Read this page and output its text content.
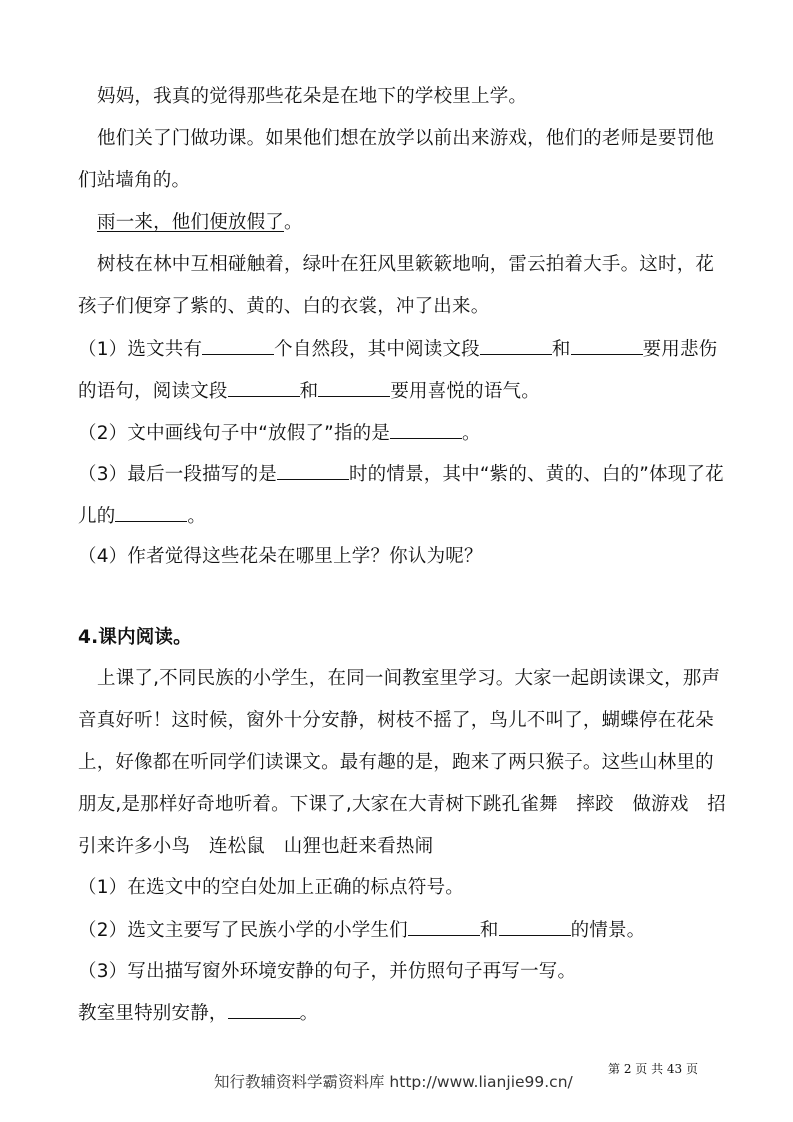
妈妈，我真的觉得那些花朵是在地下的学校里上学。
他们关了门做功课。如果他们想在放学以前出来游戏，他们的老师是要罚他
们站墙角的。
雨一来，他们便放假了。
树枝在林中互相碰触着，绿叶在狂风里簌簌地响，雷云拍着大手。这时，花
孩子们便穿了紫的、黄的、白的衣裳，冲了出来。
（1）选文共有	个自然段，其中阅读文段	和	要用悲伤
的语句，阅读文段	和	要用喜悦的语气。
（2）文中画线句子中“放假了”指的是	。
（3）最后一段描写的是	时的情景，其中“紫的、黄的、白的”体现了花
儿的	。
（4）作者觉得这些花朵在哪里上学？你认为呢？
4.课内阅读。
上课了,不同民族的小学生，在同一间教室里学习。大家一起朗读课文，那声
音真好听！这时候，窗外十分安静，树枝不摇了，鸟儿不叫了，蝴蝶停在花朵
上，好像都在听同学们读课文。最有趣的是，跑来了两只猴子。这些山林里的
朋友,是那样好奇地听着。下课了,大家在大青树下跳孔雀舞　摔跤　做游戏　招
引来许多小鸟　连松鼠　山狸也赶来看热闹
（1）在选文中的空白处加上正确的标点符号。
（2）选文主要写了民族小学的小学生们	和	的情景。
（3）写出描写窗外环境安静的句子，并仿照句子再写一写。
教室里特别安静，	。
第 2 页 共 43 页
知行教辅资料学霸资料库 http://www.lianjie99.cn/
